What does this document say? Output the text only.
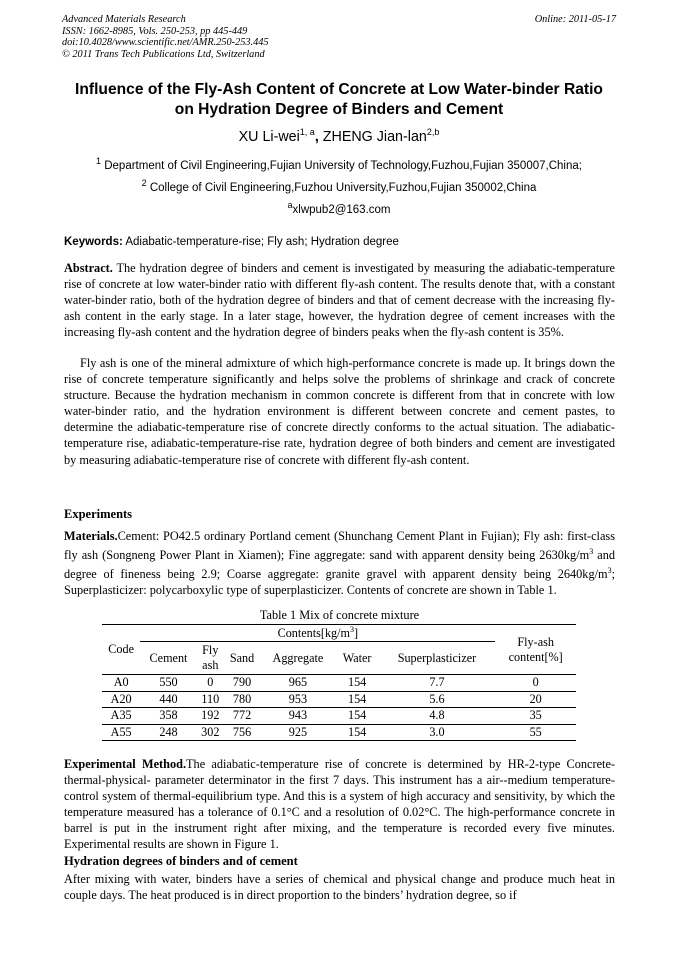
Advanced Materials Research
ISSN: 1662-8985, Vols. 250-253, pp 445-449
doi:10.4028/www.scientific.net/AMR.250-253.445
© 2011 Trans Tech Publications Ltd, Switzerland
Online: 2011-05-17
Influence of the Fly-Ash Content of Concrete at Low Water-binder Ratio
on Hydration Degree of Binders and Cement
XU Li-wei$^{1, a}$, ZHENG Jian-lan$^{2,b}$
$^1$ Department of Civil Engineering,Fujian University of Technology,Fuzhou,Fujian 350007,China;
$^2$ College of Civil Engineering,Fuzhou University,Fuzhou,Fujian 350002,China
$^a$xlwpub2@163.com
Keywords: Adiabatic-temperature-rise; Fly ash; Hydration degree
Abstract. The hydration degree of binders and cement is investigated by measuring the adiabatic-temperature rise of concrete at low water-binder ratio with different fly-ash content. The results denote that, with a constant water-binder ratio, both of the hydration degree of binders and that of cement decrease with the increasing fly-ash content in the early stage. In a later stage, however, the hydration degree of cement increases with the increasing fly-ash content and the hydration degree of binders peaks when the fly-ash content is 35%.
Fly ash is one of the mineral admixture of which high-performance concrete is made up. It brings down the rise of concrete temperature significantly and helps solve the problems of shrinkage and crack of concrete structure. Because the hydration mechanism in common concrete is different from that in concrete with low water-binder ratio, and the hydration environment is different between concrete and cement pastes, to determine the adiabatic-temperature rise of concrete directly conforms to the actual situation. The adiabatic-temperature rise, adiabatic-temperature-rise rate, hydration degree of both binders and cement are investigated by measuring adiabatic-temperature rise of concrete with different fly-ash content.
Experiments
Materials.Cement: PO42.5 ordinary Portland cement (Shunchang Cement Plant in Fujian); Fly ash: first-class fly ash (Songneng Power Plant in Xiamen); Fine aggregate: sand with apparent density being $2630kg/m^3$ and degree of fineness being 2.9; Coarse aggregate: granite gravel with apparent density being $2640kg/m^3$; Superplasticizer: polycarboxylic type of superplasticizer. Contents of concrete are shown in Table 1.
Table 1 Mix of concrete mixture
Code	$Contents[kg/m^3]$						Fly-ash
content[%]

	Cement	Fly
ash	Sand	Aggregate	Water	Superplasticizer	
A0	550	0	790	965	154	7.7	0
A20	440	110	780	953	154	5.6	20
A35	358	192	772	943	154	4.8	35
A55	248	302	756	925	154	3.0	55
Experimental Method.The adiabatic-temperature rise of concrete is determined by HR-2-type Concrete-thermal-physical- parameter determinator in the first 7 days. This instrument has a air--medium temperature-control system of thermal-equilibrium type. And this is a system of high accuracy and sensitivity, by which the temperature measured has a tolerance of 0.1°C and a resolution of 0.02°C. The high-performance concrete in barrel is put in the instrument right after mixing, and the temperature is recorded every five minutes. Experimental results are shown in Figure 1.
Hydration degrees of binders and of cement
After mixing with water, binders have a series of chemical and physical change and produce much heat in couple days. The heat produced is in direct proportion to the binders’ hydration degree, so if
